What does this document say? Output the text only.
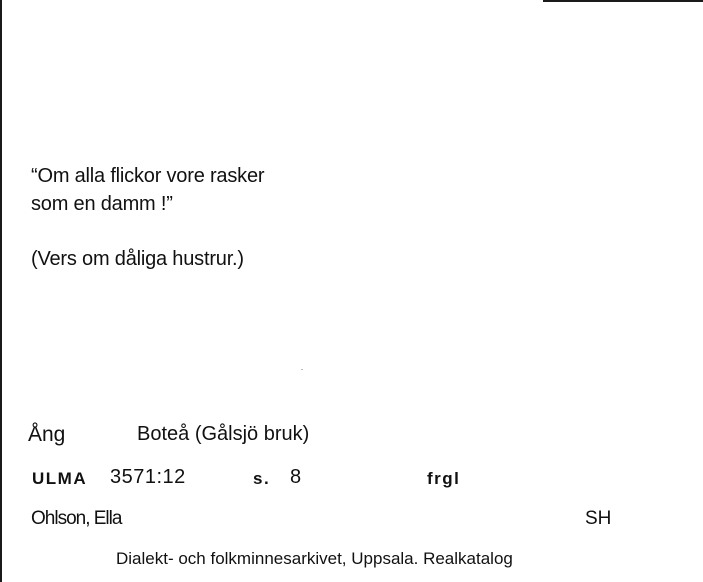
“Om alla flickor vore rasker
som en damm !”
(Vers om dåliga hustrur.)
Ång	Boteå (Gålsjö bruk)
ULMA 3571:12	s. 8	frgl
Ohlson, Ella	SH
Dialekt- och folkminnesarkivet, Uppsala. Realkatalog
